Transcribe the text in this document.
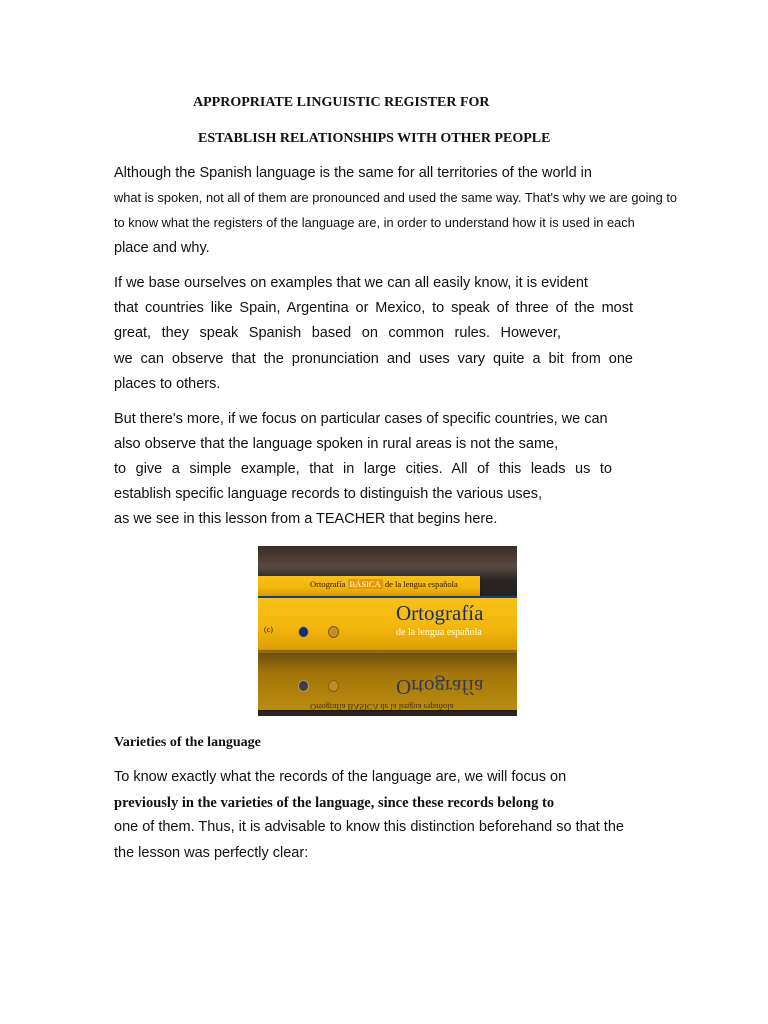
APPROPRIATE LINGUISTIC REGISTER FOR
ESTABLISH RELATIONSHIPS WITH OTHER PEOPLE
Although the Spanish language is the same for all territories of the world in
what is spoken, not all of them are pronounced and used the same way. That's why we are going to
to know what the registers of the language are, in order to understand how it is used in each
place and why.
If we base ourselves on examples that we can all easily know, it is evident
that countries like Spain, Argentina or Mexico, to speak of three of the most
great, they speak Spanish based on common rules. However,
we can observe that the pronunciation and uses vary quite a bit from one
places to others.
But there's more, if we focus on particular cases of specific countries, we can
also observe that the language spoken in rural areas is not the same,
to give a simple example, that in large cities. All of this leads us to
establish specific language records to distinguish the various uses,
as we see in this lesson from a TEACHER that begins here.
Ortografía BÁSICA de la lengua española
Ortografía
de la lengua española
(c)
Ortografía
Ortografía BÁSICA de la lengua española
Varieties of the language
To know exactly what the records of the language are, we will focus on
previously in the varieties of the language, since these records belong to
one of them. Thus, it is advisable to know this distinction beforehand so that the
the lesson was perfectly clear:
